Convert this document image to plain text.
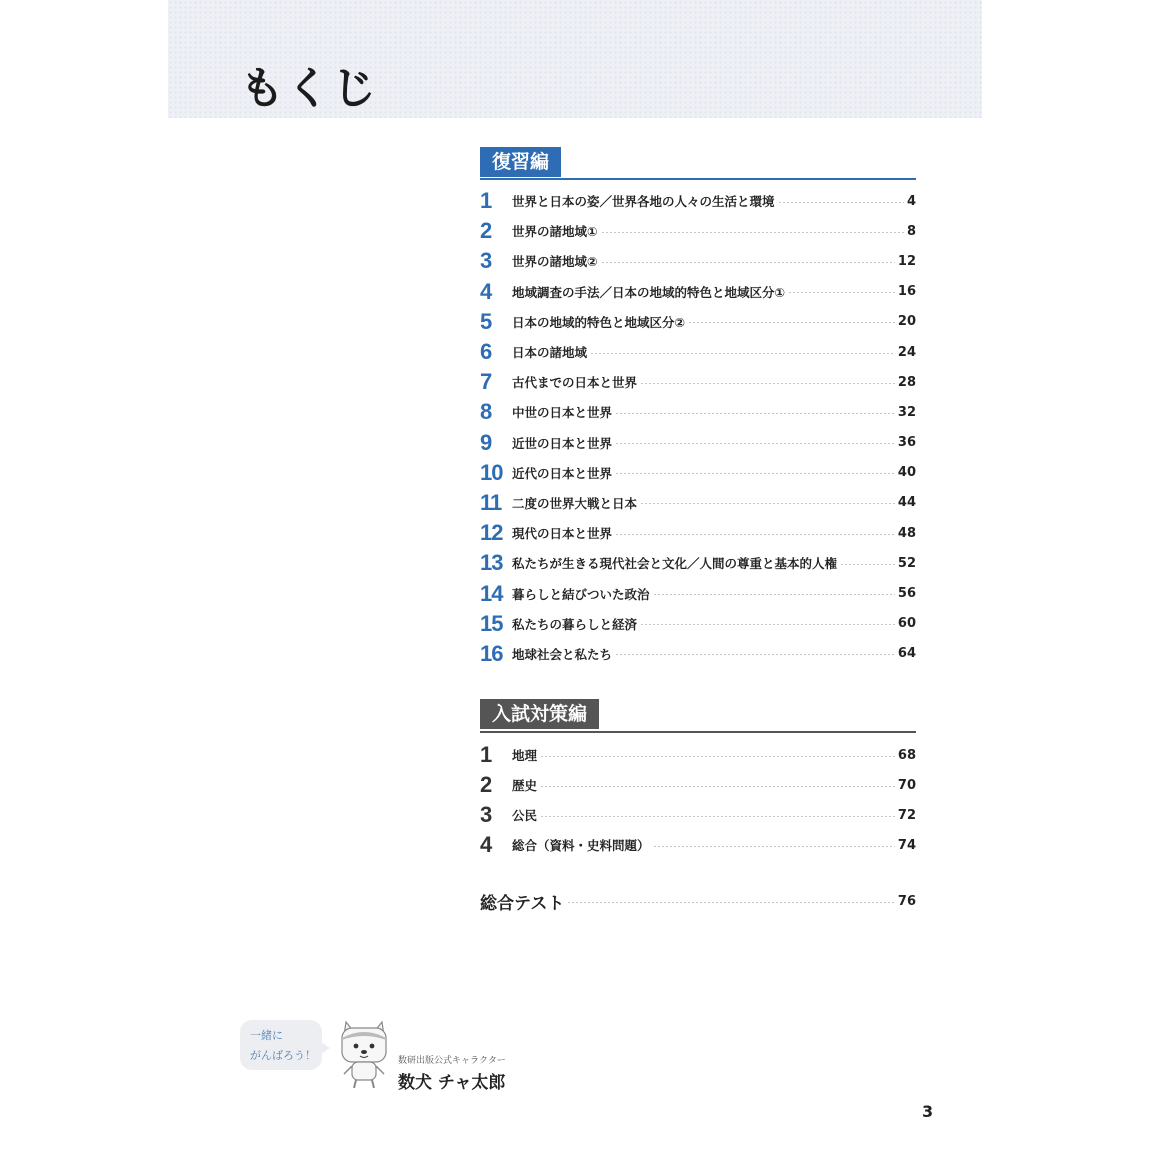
もくじ
復習編
1	世界と日本の姿／世界各地の人々の生活と環境	4
2	世界の諸地域①	8
3	世界の諸地域②	12
4	地域調査の手法／日本の地域的特色と地域区分①	16
5	日本の地域的特色と地域区分②	20
6	日本の諸地域	24
7	古代までの日本と世界	28
8	中世の日本と世界	32
9	近世の日本と世界	36
10 近代の日本と世界	40
11 二度の世界大戦と日本	44
12 現代の日本と世界	48
13 私たちが生きる現代社会と文化／人間の尊重と基本的人権	52
14 暮らしと結びついた政治	56
15 私たちの暮らしと経済	60
16 地球社会と私たち	64
入試対策編
1	地理	68
2	歴史	70
3	公民	72
4	総合（資料・史料問題）	74
総合テスト	76
一緒に
がんばろう！	数研出版公式キャラクター
数犬 チャ太郎
3
